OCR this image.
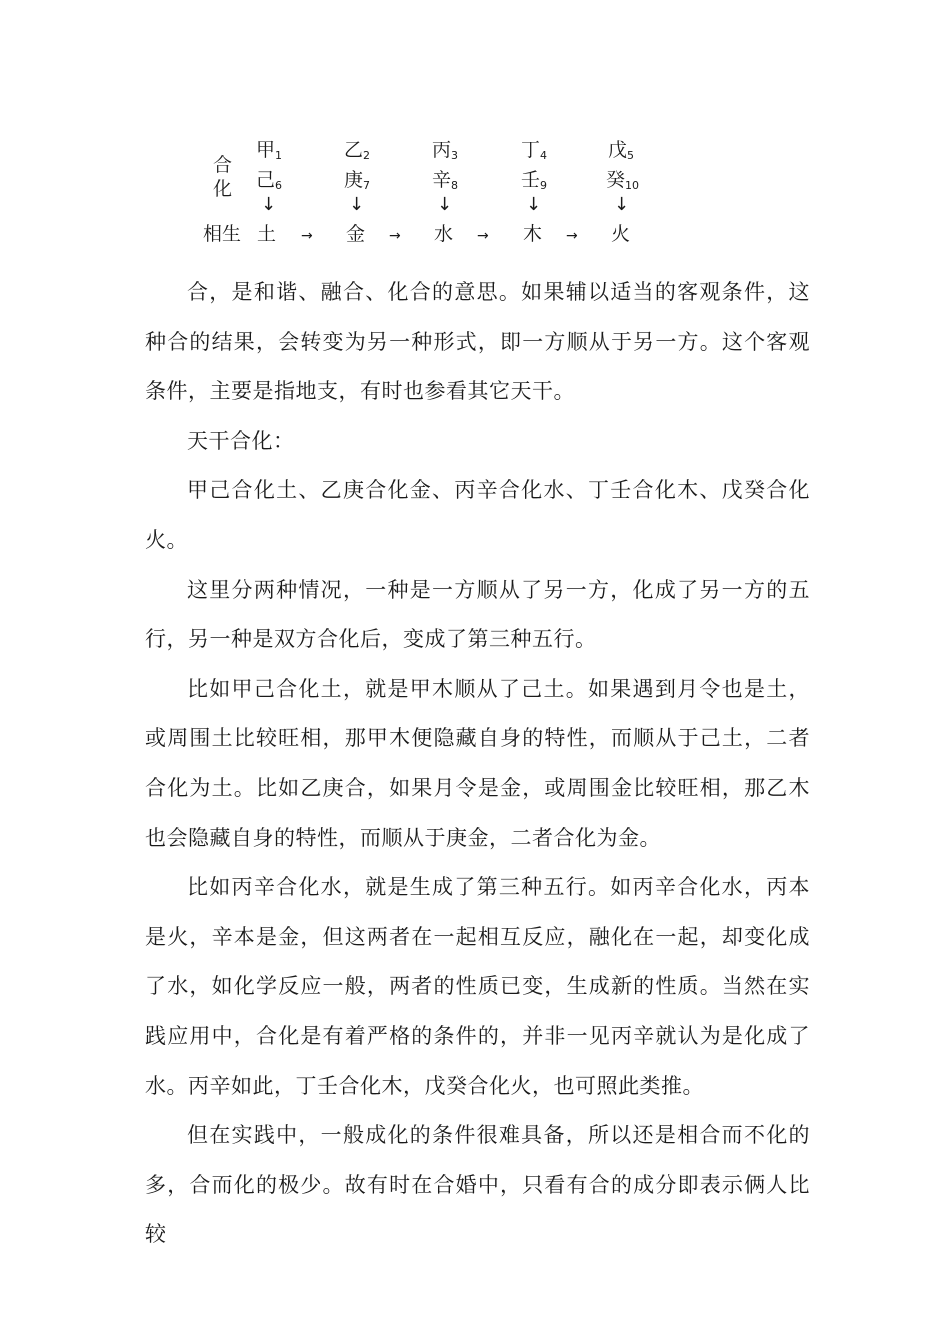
合
化
相生
甲$_1$
己$_6$
↓
土 →
乙$_2$
庚$_7$
↓
金 →
丙$_3$
辛$_8$
↓
水 →
丁$_4$
壬$_9$
↓
木 →
戊$_5$
癸$_{10}$
↓
火

合，是和谐、融合、化合的意思。如果辅以适当的客观条件，这种合的结果，会转变为另一种形式，即一方顺从于另一方。这个客观条件，主要是指地支，有时也参看其它天干。

天干合化：

甲己合化土、乙庚合化金、丙辛合化水、丁壬合化木、戊癸合化火。

这里分两种情况，一种是一方顺从了另一方，化成了另一方的五行，另一种是双方合化后，变成了第三种五行。

比如甲己合化土，就是甲木顺从了己土。如果遇到月令也是土，或周围土比较旺相，那甲木便隐藏自身的特性，而顺从于己土，二者合化为土。比如乙庚合，如果月令是金，或周围金比较旺相，那乙木也会隐藏自身的特性，而顺从于庚金，二者合化为金。

比如丙辛合化水，就是生成了第三种五行。如丙辛合化水，丙本是火，辛本是金，但这两者在一起相互反应，融化在一起，却变化成了水，如化学反应一般，两者的性质已变，生成新的性质。当然在实践应用中，合化是有着严格的条件的，并非一见丙辛就认为是化成了水。丙辛如此，丁壬合化木，戊癸合化火，也可照此类推。

但在实践中，一般成化的条件很难具备，所以还是相合而不化的多，合而化的极少。故有时在合婚中，只看有合的成分即表示俩人比较
